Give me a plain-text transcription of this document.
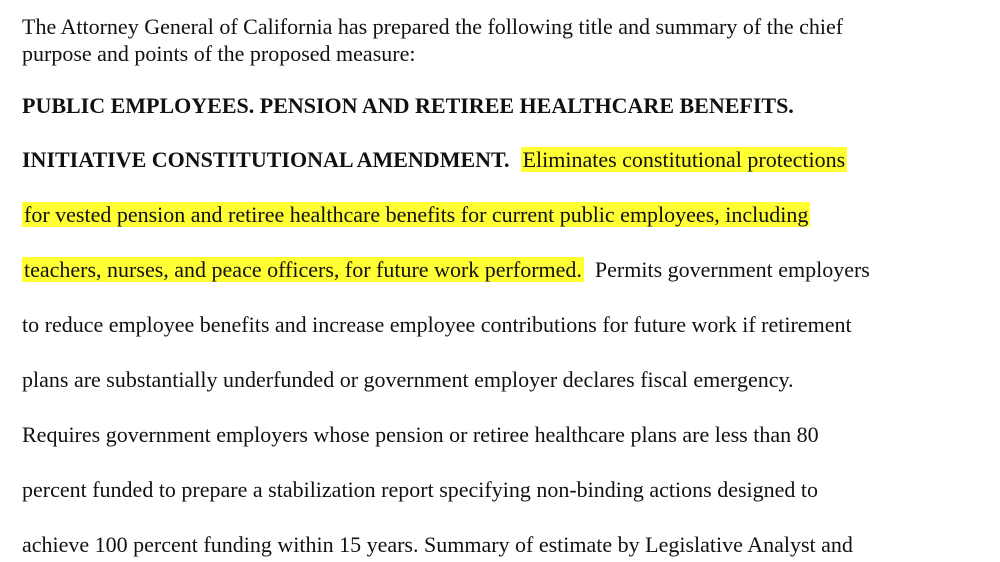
The Attorney General of California has prepared the following title and summary of the chief
purpose and points of the proposed measure:

PUBLIC EMPLOYEES. PENSION AND RETIREE HEALTHCARE BENEFITS.

INITIATIVE CONSTITUTIONAL AMENDMENT. Eliminates constitutional protections

for vested pension and retiree healthcare benefits for current public employees, including

teachers, nurses, and peace officers, for future work performed. Permits government employers

to reduce employee benefits and increase employee contributions for future work if retirement

plans are substantially underfunded or government employer declares fiscal emergency.

Requires government employers whose pension or retiree healthcare plans are less than 80

percent funded to prepare a stabilization report specifying non-binding actions designed to

achieve 100 percent funding within 15 years. Summary of estimate by Legislative Analyst and
